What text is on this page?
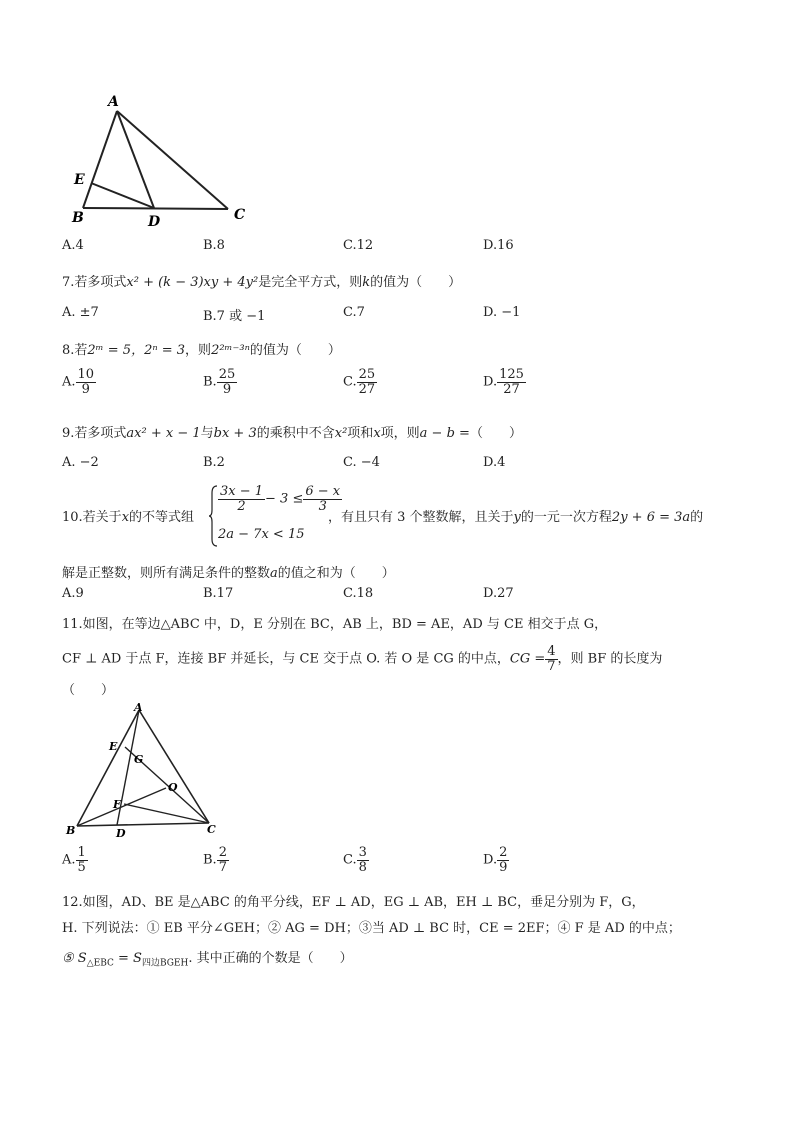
A
E
B	D	C
A.4	B.8	C.12	D.16
7.若多项式x² + (k − 3)xy + 4y²是完全平方式，则k的值为（　　）
A. ±7	B.7 或 −1	C.7	D. −1
8.若2ᵐ = 5，2ⁿ = 3，则2²ᵐ⁻³ⁿ的值为（　　）
A. $\frac{10}{9}$	B. $\frac{25}{9}$	C. $\frac{25}{27}$	D. $\frac{125}{27}$
9.若多项式ax² + x − 1与bx + 3的乘积中不含x²项和x项，则a − b =（　　）
A. −2	B.2	C. −4	D.4
10.若关于x的不等式组
$\frac{3x - 1}{2} - 3 \le \frac{6 - x}{3}$
2a − 7x < 15
，有且只有 3 个整数解，且关于y的一元一次方程2y + 6 = 3a的
解是正整数，则所有满足条件的整数a的值之和为（　　）
A.9	B.17	C.18	D.27
11.如图，在等边△ABC 中，D，E 分别在 BC，AB 上，BD = AE，AD 与 CE 相交于点 G，
CF ⊥ AD 于点 F，连接 BF 并延长，与 CE 交于点 O. 若 O 是 CG 的中点，CG = $\frac{4}{7}$ ，则 BF 的长度为
（　　）
A
E
G
O
F
B	D	C
A. $\frac{1}{5}$	B. $\frac{2}{7}$	C. $\frac{3}{8}$	D. $\frac{2}{9}$
12.如图，AD、BE 是△ABC 的角平分线，EF ⊥ AD，EG ⊥ AB，EH ⊥ BC，垂足分别为 F，G，
H. 下列说法：① EB 平分∠GEH；② AG = DH；③当 AD ⊥ BC 时，CE = 2EF；④ F 是 AD 的中点；
⑤ $S_{\triangle EBC} = S_{四边BGEH}$. 其中正确的个数是（　　）
